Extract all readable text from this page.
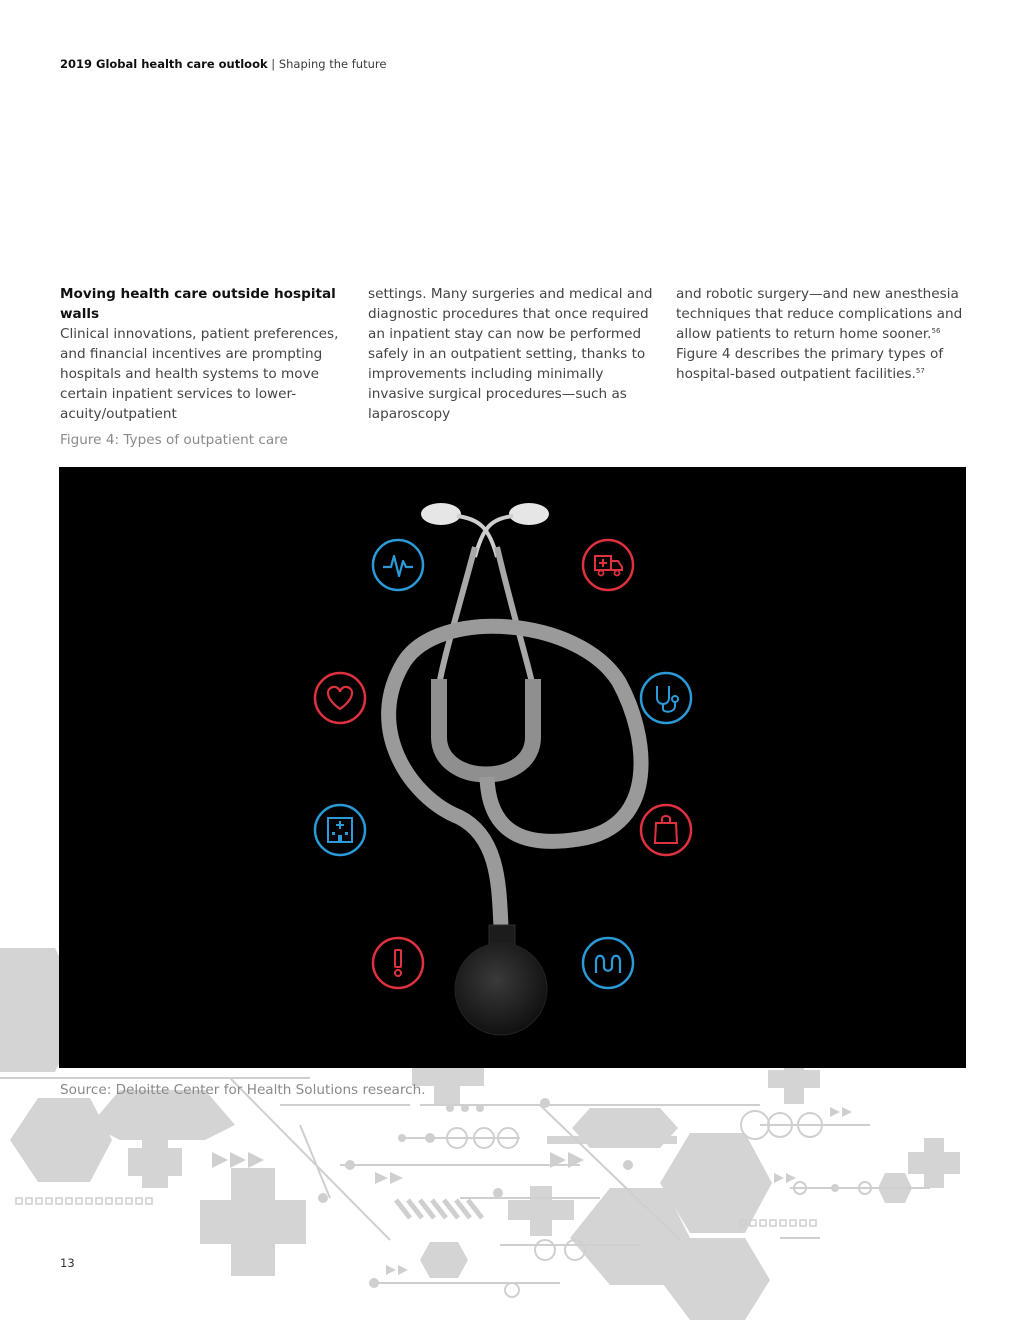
2019 Global health care outlook | Shaping the future

Moving health care outside hospital walls

Clinical innovations, patient preferences, and financial incentives are prompting hospitals and health systems to move certain inpatient services to lower-acuity/outpatient

settings. Many surgeries and medical and diagnostic procedures that once required an inpatient stay can now be performed safely in an outpatient setting, thanks to improvements including minimally invasive surgical procedures—such as laparoscopy

and robotic surgery—and new anesthesia techniques that reduce complications and allow patients to return home sooner.$^{56}$ Figure 4 describes the primary types of hospital-based outpatient facilities.$^{57}$

Figure 4: Types of outpatient care
Source: Deloitte Center for Health Solutions research.
13
